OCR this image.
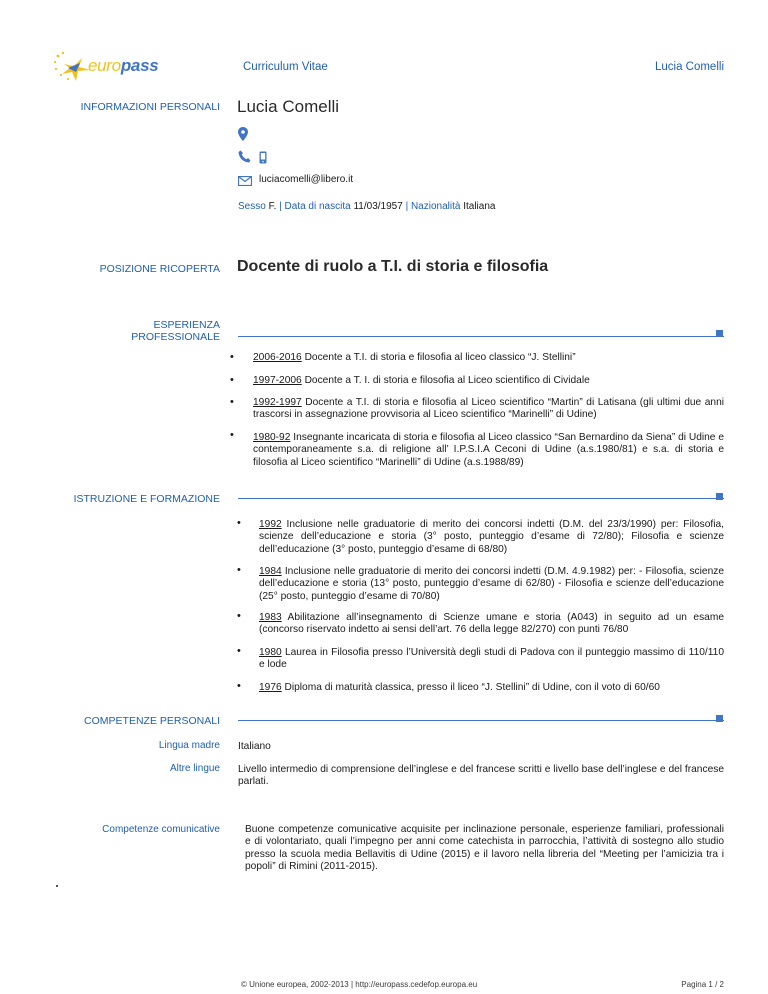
europass	Curriculum Vitae	Lucia Comelli
INFORMAZIONI PERSONALI Lucia Comelli
luciacomelli@libero.it
Sesso F. | Data di nascita 11/03/1957 | Nazionalità Italiana
POSIZIONE RICOPERTA Docente di ruolo a T.I. di storia e filosofia
ESPERIENZA
PROFESSIONALE
• 2006-2016 Docente a T.I. di storia e filosofia al liceo classico “J. Stellini”
• 1997-2006 Docente a T. I. di storia e filosofia al Liceo scientifico di Cividale
• 1992-1997 Docente a T.I. di storia e filosofia al Liceo scientifico “Martin” di Latisana (gli ultimi due anni trascorsi in assegnazione provvisoria al Liceo scientifico “Marinelli” di Udine)
• 1980-92 Insegnante incaricata di storia e filosofia al Liceo classico “San Bernardino da Siena” di Udine e contemporaneamente s.a. di religione all’ I.P.S.I.A Ceconi di Udine (a.s.1980/81) e s.a. di storia e filosofia al Liceo scientifico “Marinelli” di Udine (a.s.1988/89)
ISTRUZIONE E FORMAZIONE
• 1992 Inclusione nelle graduatorie di merito dei concorsi indetti (D.M. del 23/3/1990) per: Filosofia, scienze dell’educazione e storia (3° posto, punteggio d’esame di 72/80); Filosofia e scienze dell’educazione (3° posto, punteggio d’esame di 68/80)
• 1984 Inclusione nelle graduatorie di merito dei concorsi indetti (D.M. 4.9.1982) per: - Filosofia, scienze dell’educazione e storia (13° posto, punteggio d’esame di 62/80) - Filosofia e scienze dell’educazione (25° posto, punteggio d’esame di 70/80)
• 1983 Abilitazione all’insegnamento di Scienze umane e storia (A043) in seguito ad un esame (concorso riservato indetto ai sensi dell’art. 76 della legge 82/270) con punti 76/80
• 1980 Laurea in Filosofia presso l’Università degli studi di Padova con il punteggio massimo di 110/110 e lode
• 1976 Diploma di maturità classica, presso il liceo “J. Stellini” di Udine, con il voto di 60/60
COMPETENZE PERSONALI
Lingua madre Italiano
Altre lingue Livello intermedio di comprensione dell’inglese e del francese scritti e livello base dell’inglese e del francese parlati.
Competenze comunicative Buone competenze comunicative acquisite per inclinazione personale, esperienze familiari, professionali e di volontariato, quali l’impegno per anni come catechista in parrocchia, l’attività di sostegno allo studio presso la scuola media Bellavitis di Udine (2015) e il lavoro nella libreria del “Meeting per l’amicizia tra i popoli” di Rimini (2011-2015).
© Unione europea, 2002-2013 | http://europass.cedefop.europa.eu	Pagina 1 / 2
